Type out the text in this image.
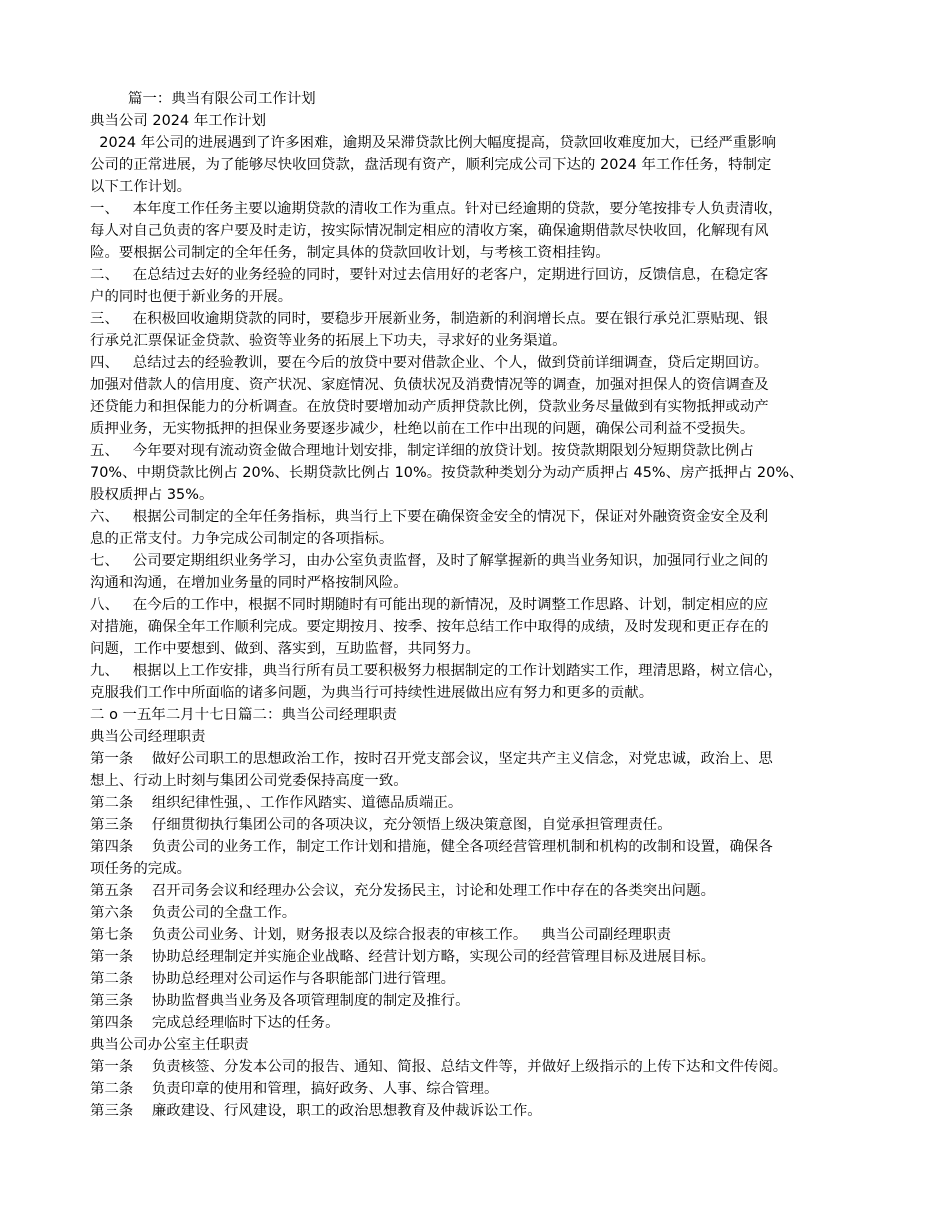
篇一：典当有限公司工作计划
典当公司 2024 年工作计划
2024 年公司的进展遇到了许多困难，逾期及呆滞贷款比例大幅度提高，贷款回收难度加大，已经严重影响
公司的正常进展，为了能够尽快收回贷款，盘活现有资产，顺利完成公司下达的 2024 年工作任务，特制定
以下工作计划。
一、   本年度工作任务主要以逾期贷款的清收工作为重点。针对已经逾期的贷款，要分笔按排专人负责清收，
每人对自己负责的客户要及时走访，按实际情况制定相应的清收方案，确保逾期借款尽快收回，化解现有风
险。要根据公司制定的全年任务，制定具体的贷款回收计划，与考核工资相挂钩。
二、   在总结过去好的业务经验的同时，要针对过去信用好的老客户，定期进行回访，反馈信息，在稳定客
户的同时也便于新业务的开展。
三、   在积极回收逾期贷款的同时，要稳步开展新业务，制造新的利润增长点。要在银行承兑汇票贴现、银
行承兑汇票保证金贷款、验资等业务的拓展上下功夫，寻求好的业务渠道。
四、   总结过去的经验教训，要在今后的放贷中要对借款企业、个人，做到贷前详细调查，贷后定期回访。
加强对借款人的信用度、资产状况、家庭情况、负债状况及消费情况等的调查，加强对担保人的资信调查及
还贷能力和担保能力的分析调查。在放贷时要增加动产质押贷款比例，贷款业务尽量做到有实物抵押或动产
质押业务，无实物抵押的担保业务要逐步减少，杜绝以前在工作中出现的问题，确保公司利益不受损失。
五、   今年要对现有流动资金做合理地计划安排，制定详细的放贷计划。按贷款期限划分短期贷款比例占
70%、中期贷款比例占 20%、长期贷款比例占 10%。按贷款种类划分为动产质押占 45%、房产抵押占 20%、
股权质押占 35%。
六、   根据公司制定的全年任务指标，典当行上下要在确保资金安全的情况下，保证对外融资资金安全及利
息的正常支付。力争完成公司制定的各项指标。
七、   公司要定期组织业务学习，由办公室负责监督，及时了解掌握新的典当业务知识，加强同行业之间的
沟通和沟通，在增加业务量的同时严格按制风险。
八、   在今后的工作中，根据不同时期随时有可能出现的新情况，及时调整工作思路、计划，制定相应的应
对措施，确保全年工作顺利完成。要定期按月、按季、按年总结工作中取得的成绩，及时发现和更正存在的
问题，工作中要想到、做到、落实到，互助监督，共同努力。
九、   根据以上工作安排，典当行所有员工要积极努力根据制定的工作计划踏实工作，理清思路，树立信心，
克服我们工作中所面临的诸多问题，为典当行可持续性进展做出应有努力和更多的贡献。
二 o 一五年二月十七日篇二：典当公司经理职责
典当公司经理职责
第一条    做好公司职工的思想政治工作，按时召开党支部会议，坚定共产主义信念，对党忠诚，政治上、思
想上、行动上时刻与集团公司党委保持高度一致。
第二条    组织纪律性强，、工作作风踏实、道德品质端正。
第三条    仔细贯彻执行集团公司的各项决议，充分领悟上级决策意图，自觉承担管理责任。
第四条    负责公司的业务工作，制定工作计划和措施，健全各项经营管理机制和机构的改制和设置，确保各
项任务的完成。
第五条    召开司务会议和经理办公会议，充分发扬民主，讨论和处理工作中存在的各类突出问题。
第六条    负责公司的全盘工作。
第七条    负责公司业务、计划，财务报表以及综合报表的审核工作。   典当公司副经理职责
第一条    协助总经理制定并实施企业战略、经营计划方略，实现公司的经营管理目标及进展目标。
第二条    协助总经理对公司运作与各职能部门进行管理。
第三条    协助监督典当业务及各项管理制度的制定及推行。
第四条    完成总经理临时下达的任务。
典当公司办公室主任职责
第一条    负责核签、分发本公司的报告、通知、简报、总结文件等，并做好上级指示的上传下达和文件传阅。
第二条    负责印章的使用和管理，搞好政务、人事、综合管理。
第三条    廉政建设、行风建设，职工的政治思想教育及仲裁诉讼工作。
